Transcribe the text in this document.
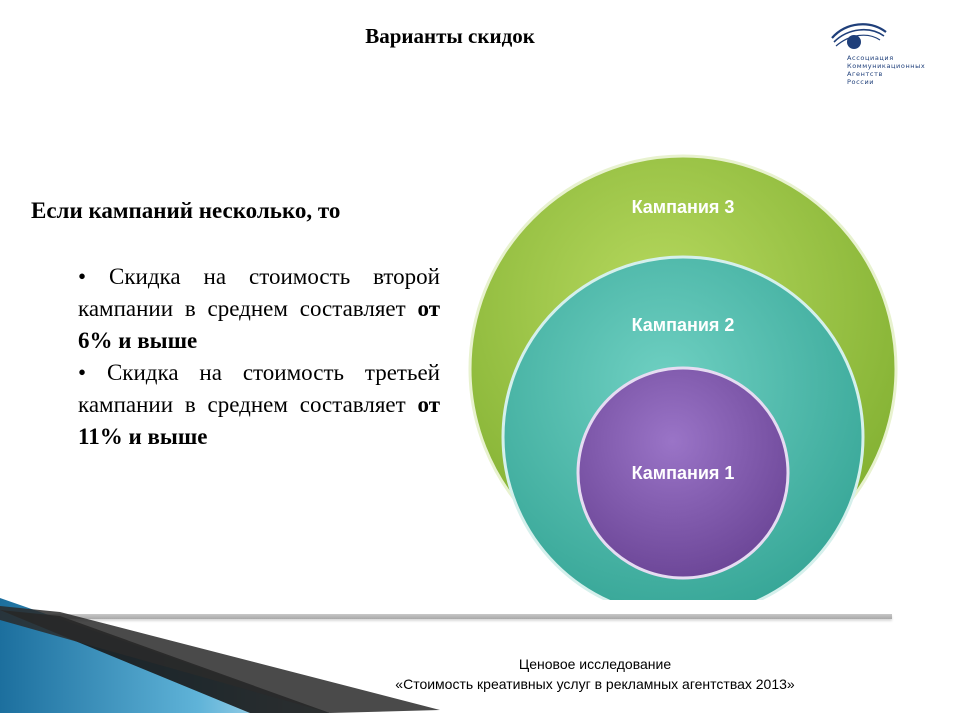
Варианты скидок
Ассоциация
Коммуникационных
Агентств
России
Если кампаний несколько, то

• Скидка на стоимость второй кампании в среднем составляет от 6% и выше

• Скидка на стоимость третьей кампании в среднем составляет от 11% и выше

Кампания 3
Кампания 2
Кампания 1
Ценовое исследование
«Стоимость креативных услуг в рекламных агентствах 2013»
